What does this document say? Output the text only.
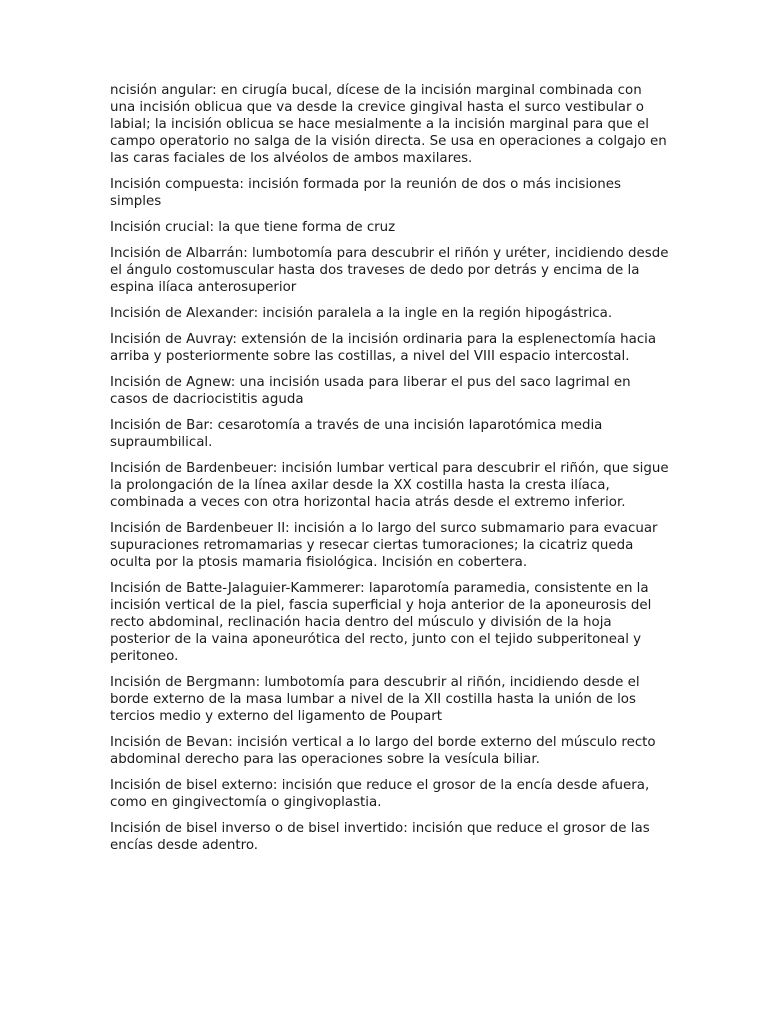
ncisión angular: en cirugía bucal, dícese de la incisión marginal combinada con una incisión oblicua que va desde la crevice gingival hasta el surco vestibular o labial; la incisión oblicua se hace mesialmente a la incisión marginal para que el campo operatorio no salga de la visión directa. Se usa en operaciones a colgajo en las caras faciales de los alvéolos de ambos maxilares.

Incisión compuesta: incisión formada por la reunión de dos o más incisiones simples

Incisión crucial: la que tiene forma de cruz

Incisión de Albarrán: lumbotomía para descubrir el riñón y uréter, incidiendo desde el ángulo costomuscular hasta dos traveses de dedo por detrás y encima de la espina ilíaca anterosuperior

Incisión de Alexander: incisión paralela a la ingle en la región hipogástrica.

Incisión de Auvray: extensión de la incisión ordinaria para la esplenectomía hacia arriba y posteriormente sobre las costillas, a nivel del VIII espacio intercostal.

Incisión de Agnew: una incisión usada para liberar el pus del saco lagrimal en casos de dacriocistitis aguda

Incisión de Bar: cesarotomía a través de una incisión laparotómica media supraumbilical.

Incisión de Bardenbeuer: incisión lumbar vertical para descubrir el riñón, que sigue la prolongación de la línea axilar desde la XX costilla hasta la cresta ilíaca, combinada a veces con otra horizontal hacia atrás desde el extremo inferior.

Incisión de Bardenbeuer II: incisión a lo largo del surco submamario para evacuar supuraciones retromamarias y resecar ciertas tumoraciones; la cicatriz queda oculta por la ptosis mamaria fisiológica. Incisión en cobertera.

Incisión de Batte-Jalaguier-Kammerer: laparotomía paramedia, consistente en la incisión vertical de la piel, fascia superficial y hoja anterior de la aponeurosis del recto abdominal, reclinación hacia dentro del músculo y división de la hoja posterior de la vaina aponeurótica del recto, junto con el tejido subperitoneal y peritoneo.

Incisión de Bergmann: lumbotomía para descubrir al riñón, incidiendo desde el borde externo de la masa lumbar a nivel de la XII costilla hasta la unión de los tercios medio y externo del ligamento de Poupart

Incisión de Bevan: incisión vertical a lo largo del borde externo del músculo recto abdominal derecho para las operaciones sobre la vesícula biliar.

Incisión de bisel externo: incisión que reduce el grosor de la encía desde afuera, como en gingivectomía o gingivoplastia.

Incisión de bisel inverso o de bisel invertido: incisión que reduce el grosor de las encías desde adentro.
